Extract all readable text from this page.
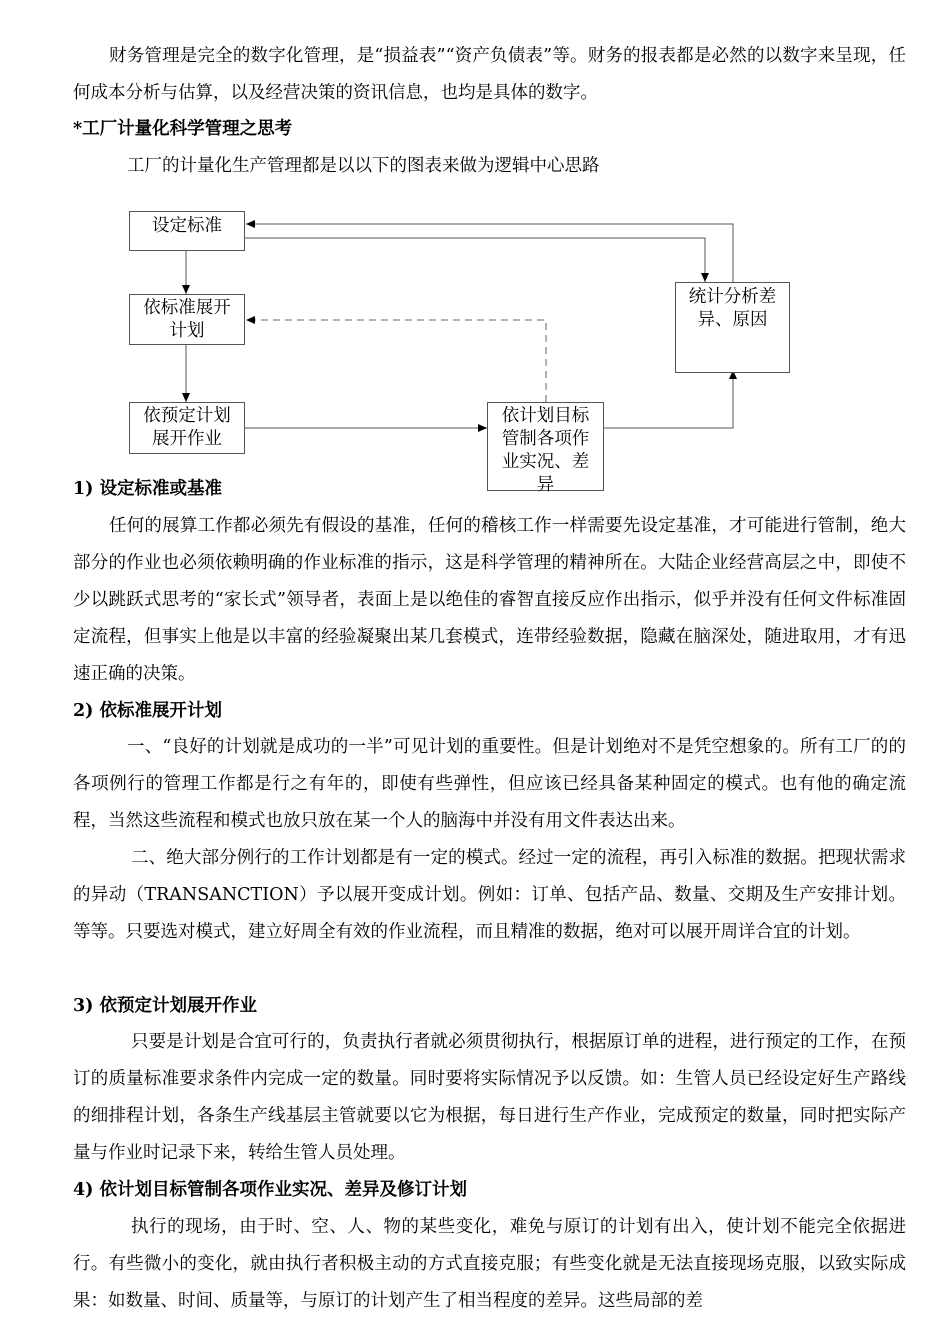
财务管理是完全的数字化管理，是“损益表”“资产负债表”等。财务的报表都是必然的以数字来呈现，任何成本分析与估算，以及经营决策的资讯信息，也均是具体的数字。

*工厂计量化科学管理之思考

工厂的计量化生产管理都是以以下的图表来做为逻辑中心思路

设定标准
依标准展开计划
依预定计划展开作业
依计划目标管制各项作业实况、差异
统计分析差异、原因

1) 设定标准或基准

任何的展算工作都必须先有假设的基准，任何的稽核工作一样需要先设定基准，才可能进行管制，绝大部分的作业也必须依赖明确的作业标准的指示，这是科学管理的精神所在。大陆企业经营高层之中，即使不少以跳跃式思考的“家长式”领导者，表面上是以绝佳的睿智直接反应作出指示，似乎并没有任何文件标准固定流程，但事实上他是以丰富的经验凝聚出某几套模式，连带经验数据，隐藏在脑深处，随进取用，才有迅速正确的决策。

2) 依标准展开计划

一、“良好的计划就是成功的一半”可见计划的重要性。但是计划绝对不是凭空想象的。所有工厂的的各项例行的管理工作都是行之有年的，即使有些弹性，但应该已经具备某种固定的模式。也有他的确定流程，当然这些流程和模式也放只放在某一个人的脑海中并没有用文件表达出来。

二、绝大部分例行的工作计划都是有一定的模式。经过一定的流程，再引入标准的数据。把现状需求的异动（TRANSANCTION）予以展开变成计划。例如：订单、包括产品、数量、交期及生产安排计划。等等。只要选对模式，建立好周全有效的作业流程，而且精准的数据，绝对可以展开周详合宜的计划。

3) 依预定计划展开作业

只要是计划是合宜可行的，负责执行者就必须贯彻执行，根据原订单的进程，进行预定的工作，在预订的质量标准要求条件内完成一定的数量。同时要将实际情况予以反馈。如：生管人员已经设定好生产路线的细排程计划，各条生产线基层主管就要以它为根据，每日进行生产作业，完成预定的数量，同时把实际产量与作业时记录下来，转给生管人员处理。

4) 依计划目标管制各项作业实况、差异及修订计划

执行的现场，由于时、空、人、物的某些变化，难免与原订的计划有出入，使计划不能完全依据进行。有些微小的变化，就由执行者积极主动的方式直接克服；有些变化就是无法直接现场克服，以致实际成果：如数量、时间、质量等，与原订的计划产生了相当程度的差异。这些局部的差
